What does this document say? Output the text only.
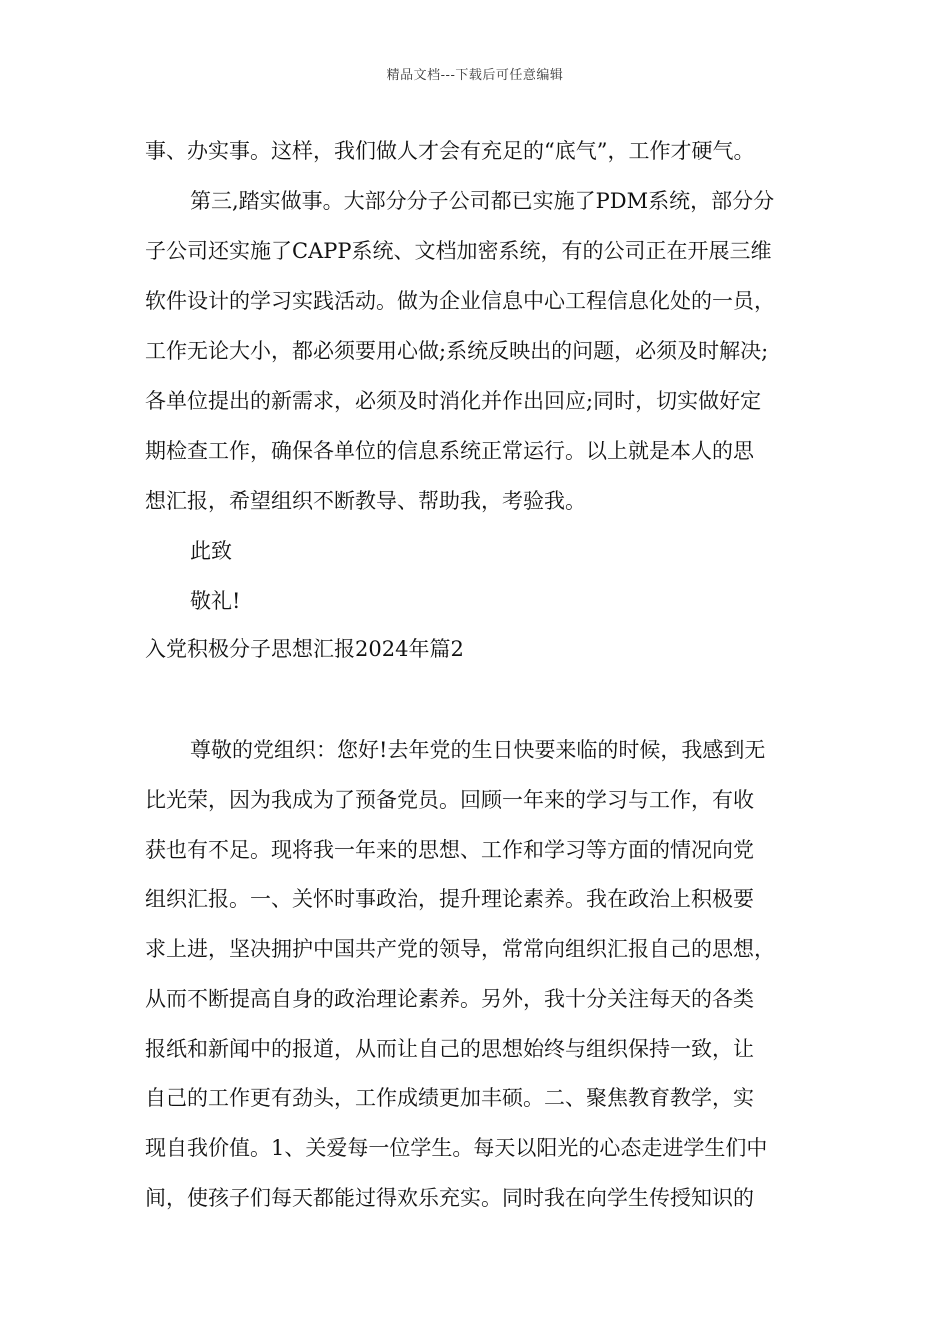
精品文档---下载后可任意编辑
事、办实事。这样，我们做人才会有充足的“底气”，工作才硬气。
第三,踏实做事。大部分分子公司都已实施了PDM系统，部分分
子公司还实施了CAPP系统、文档加密系统，有的公司正在开展三维
软件设计的学习实践活动。做为企业信息中心工程信息化处的一员，
工作无论大小，都必须要用心做;系统反映出的问题，必须及时解决;
各单位提出的新需求，必须及时消化并作出回应;同时，切实做好定
期检查工作，确保各单位的信息系统正常运行。以上就是本人的思
想汇报，希望组织不断教导、帮助我，考验我。
此致
敬礼!
入党积极分子思想汇报2024年篇2
尊敬的党组织：您好!去年党的生日快要来临的时候，我感到无
比光荣，因为我成为了预备党员。回顾一年来的学习与工作，有收
获也有不足。现将我一年来的思想、工作和学习等方面的情况向党
组织汇报。一、关怀时事政治，提升理论素养。我在政治上积极要
求上进，坚决拥护中国共产党的领导，常常向组织汇报自己的思想，
从而不断提高自身的政治理论素养。另外，我十分关注每天的各类
报纸和新闻中的报道，从而让自己的思想始终与组织保持一致，让
自己的工作更有劲头，工作成绩更加丰硕。二、聚焦教育教学，实
现自我价值。1、关爱每一位学生。每天以阳光的心态走进学生们中
间，使孩子们每天都能过得欢乐充实。同时我在向学生传授知识的
